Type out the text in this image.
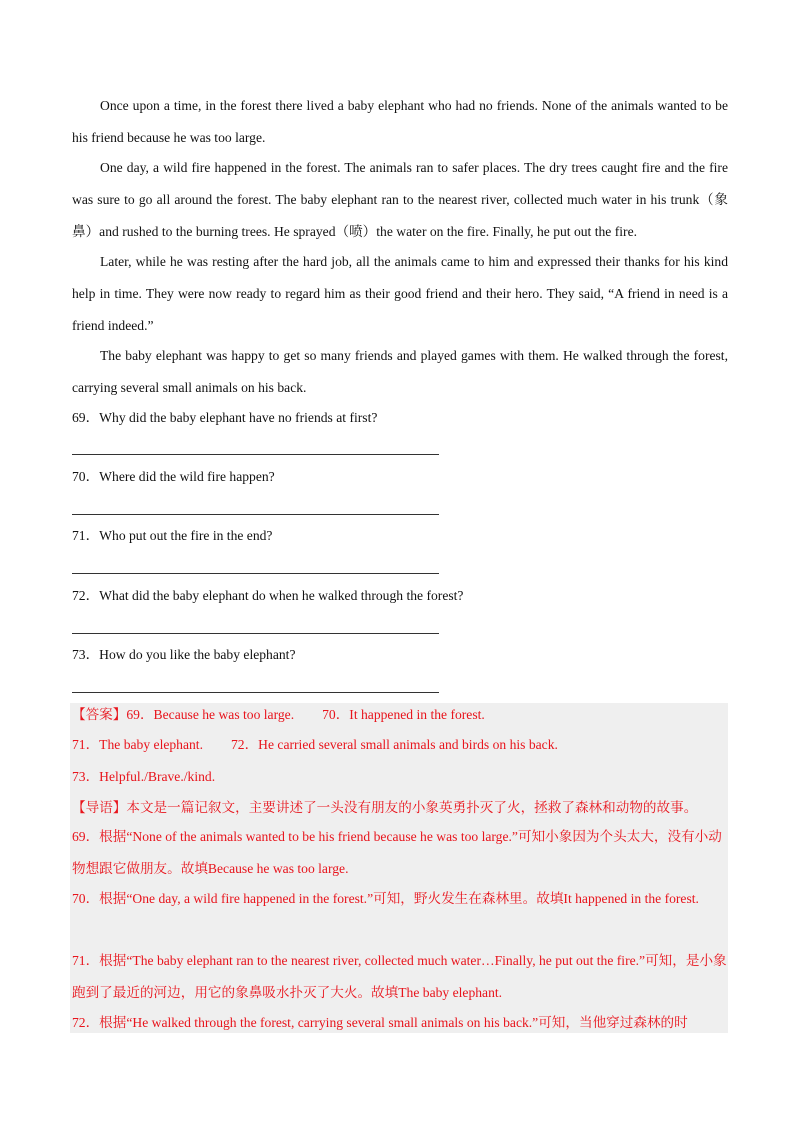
Once upon a time, in the forest there lived a baby elephant who had no friends. None of the animals wanted to be his friend because he was too large.

One day, a wild fire happened in the forest. The animals ran to safer places. The dry trees caught fire and the fire was sure to go all around the forest. The baby elephant ran to the nearest river, collected much water in his trunk（象鼻）and rushed to the burning trees. He sprayed（喷）the water on the fire. Finally, he put out the fire.

Later, while he was resting after the hard job, all the animals came to him and expressed their thanks for his kind help in time. They were now ready to regard him as their good friend and their hero. They said, “A friend in need is a friend indeed.”

The baby elephant was happy to get so many friends and played games with them. He walked through the forest, carrying several small animals on his back.

69．Why did the baby elephant have no friends at first?

70．Where did the wild fire happen?

71．Who put out the fire in the end?

72．What did the baby elephant do when he walked through the forest?

73．How do you like the baby elephant?

【答案】69．Because he was too large. 70．It happened in the forest.

71．The baby elephant. 72．He carried several small animals and birds on his back.

73．Helpful./Brave./kind.

【导语】本文是一篇记叙文，主要讲述了一头没有朋友的小象英勇扑灭了火，拯救了森林和动物的故事。

69．根据“None of the animals wanted to be his friend because he was too large.”可知小象因为个头太大，没有小动物想跟它做朋友。故填Because he was too large.

70．根据“One day, a wild fire happened in the forest.”可知，野火发生在森林里。故填It happened in the forest.

71．根据“The baby elephant ran to the nearest river, collected much water…Finally, he put out the fire.”可知，是小象跑到了最近的河边，用它的象鼻吸水扑灭了大火。故填The baby elephant.

72．根据“He walked through the forest, carrying several small animals on his back.”可知，当他穿过森林的时
